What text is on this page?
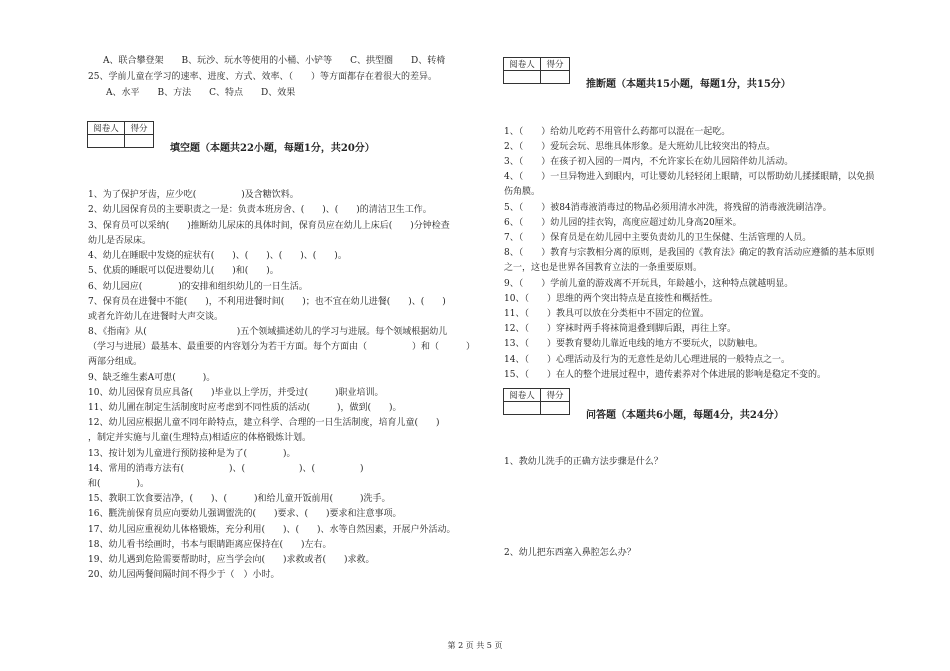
A、联合攀登架　　B、玩沙、玩水等使用的小桶、小铲等　　C、拱型圈　　D、转椅
25、学前儿童在学习的速率、进度、方式、效率、（　　）等方面都存在着很大的差异。
　　A、水平　　B、方法　　C、特点　　D、效果
阅卷人	得分

填空题（本题共22小题，每题1分，共20分）
1、为了保护牙齿，应少吃(　　　　　)及含糖饮料。
2、幼儿园保育员的主要职责之一是：负责本班房舍、(　　)、(　　)的清洁卫生工作。
3、保育员可以采纳(　　)推断幼儿尿床的具体时间，保育员应在幼儿上床后(　　)分钟检查
幼儿是否尿床。
4、幼儿在睡眠中发烧的症状有(　　)、(　　)、(　　)、(　　)。
5、优质的睡眠可以促进婴幼儿(　　)和(　　)。
6、幼儿园应(　　　　)的安排和组织幼儿的一日生活。
7、保育员在进餐中不能(　　)，不利用进餐时间(　　)；也不宜在幼儿进餐(　　)、(　　)
或者允许幼儿在进餐时大声交谈。
8、《指南》从(　　　　　　　　　　)五个领域描述幼儿的学习与进展。每个领域根据幼儿
（学习与进展）最基本、最重要的内容划分为若干方面。每个方面由（　　　　　）和（　　　）
两部分组成。
9、缺乏维生素A可患(　　　)。
10、幼儿园保育员应具备(　　)毕业以上学历，并受过(　　　)职业培训。
11、幼儿圃在制定生活制度时应考虑到不同性质的活动(　　　)，做到(　　)。
12、幼儿园应根据儿童不同年龄特点，建立科学、合理的一日生活制度，培育儿童(　　)
，制定并实施与儿童(生理特点)相适应的体格锻炼计划。
13、按计划为儿童进行预防接种是为了(　　　　)。
14、常用的消毒方法有(　　　　　)、(　　　　　　)、(　　　　　)
和(　　　　)。
15、教职工饮食要洁净，(　　)、(　　　)和给儿童开饭前用(　　　)洗手。
16、氍洗前保育员应向要幼儿强调盥洗的(　　)要求、(　　)要求和注意事项。
17、幼儿园应重视幼儿体格锻炼，充分利用(　　)、(　　)、水等自然因素，开展户外活动。
18、幼儿看书绘画时，书本与眼睛距离应保持在(　　)左右。
19、幼儿遇到危险需要帮助时，应当学会向(　　)求救或者(　　)求救。
20、幼儿园两餐间隔时间不得少于（　）小时。
阅卷人	得分

推断题（本题共15小题，每题1分，共15分）
1、（　　）给幼儿吃药不用管什么药都可以混在一起吃。
2、（　　）爱玩会玩、思维具体形象。是大班幼儿比较突出的特点。
3、（　　）在孩子初入园的一周内，不允许家长在幼儿园陪伴幼儿活动。
4、（　　）一旦异物进入到眼内，可让婴幼儿轻轻闭上眼睛，可以帮助幼儿揉揉眼睛，以免损
伤角膜。
5、（　　）被84消毒液消毒过的物品必须用清水冲洗，将残留的消毒液洗刷洁净。
6、（　　）幼儿园的挂衣钩，高度应超过幼儿身高20厘米。
7、（　　）保育员是在幼儿园中主要负责幼儿的卫生保健、生活管理的人员。
8、（　　）教育与宗教相分离的原则，是我国的《教育法》确定的教育活动应遵循的基本原则
之一，这也是世界各国教育立法的一条重要原则。
9、（　　）学前儿童的游戏离不开玩具，年龄越小，这种特点就越明显。
10、（　　）思维的两个突出特点是直接性和概括性。
11、（　　）教具可以放在分类柜中不固定的位置。
12、（　　）穿袜时两手将袜筒退叠到脚后跟，再往上穿。
13、（　　）要教育婴幼儿靠近电线的地方不要玩火，以防触电。
14、（　　）心理活动及行为的无意性是幼儿心理进展的一般特点之一。
15、（　　）在人的整个进展过程中，遗传素养对个体进展的影响是稳定不变的。
阅卷人	得分

问答题（本题共6小题，每题4分，共24分）
1、教幼儿洗手的正确方法步骤是什么？
2、幼儿把东西塞入鼻腔怎么办？
第 2 页 共 5 页
